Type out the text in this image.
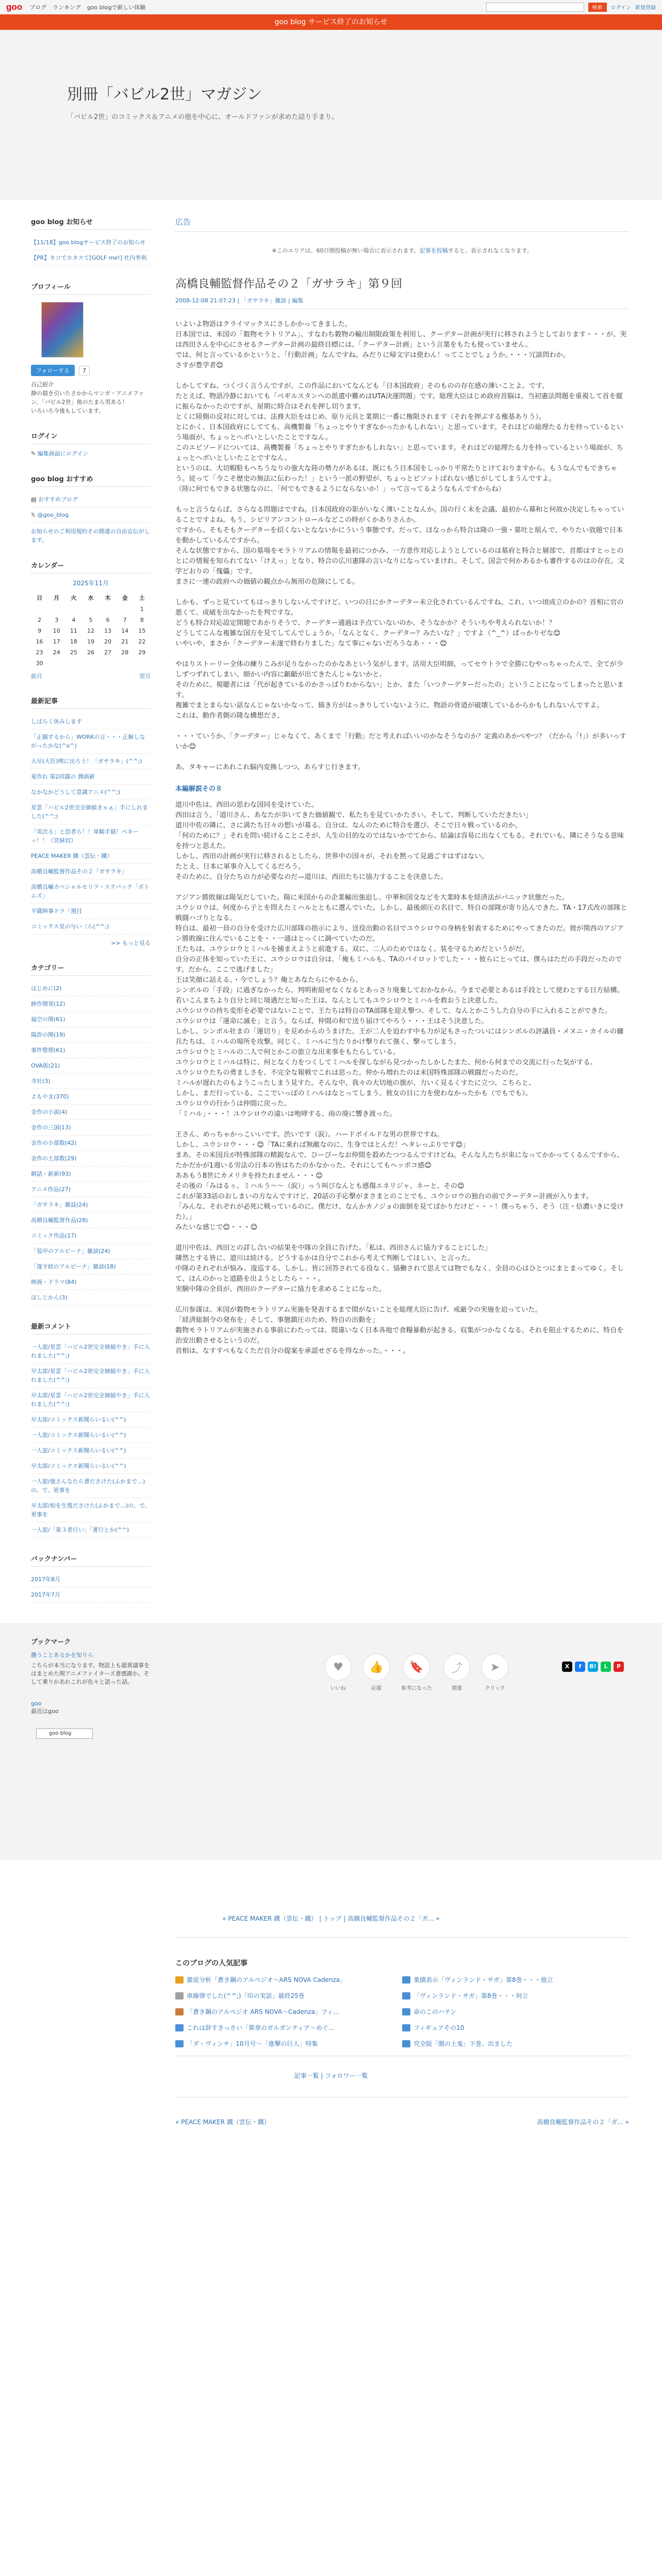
goo ブログ ランキング goo blogで新しい体験	検索	ログイン 新規登録
goo blog サービス終了のお知らせ
別冊「バビル2世」マガジン
「バビル2世」のコミックス＆アニメの他を中心に、オールドファンが求めた詰り手まり。
goo blog お知らせ
【11/18】goo blogサービス終了のお知らせ
【PR】ネコでホタスて[GOLF me!] 社内挙利
プロフィール
フォローする 7
自己紹介
静の描き引いたさかからマンガ・アニメファン。「バビル2世」他のたまら男ある！
いろいろ今後もしています。
ログイン
✎ 編集画面にログイン
goo blog おすすめ
▤ おすすめブログ
𝕏 @goo_blog
お知らせのご利用規約その間違の自由宣伝がします。
カレンダー
2025年11月
日	月	火	水	木	金	土
						1
2	3	4	5	6	7	8
9	10	11	12	13	14	15
16	17	18	19	20	21	22
23	24	25	26	27	28	29
30						
前月	翌月
最新記事
しばらく休みします
「正観するから」WORKの言・・・正解しながったかな(^o^)
大尽(大臣)喫に出ろう！「ガサラキ」(^^;)
夏作れ 第2回露の 潤画新
なかなかどうして意識アニメ(^^;)
星雲「ハビル2世完全価値きゃぁ」手にしれました(^^;)
「英次る」と恐者ら！！単騎手描！ペキーッ！！（宮緑切）
PEACE MAKER 鐵（雲伝・鐵）
高橋良輔監督作品その２「ガサラキ」
高橋良輔カペシャルセリフ・ステパック「ボトムズ」
平蔵陣事ドラ「週目
コミックス星の与い〈ら(^^;)
>> もっと見る
カテゴリー
はじめに(2)
跡作開発(12)
福空の関(61)
陽詐の関(19)
事件整理(61)
OVA版(21)
寺社(3)
よもやま(370)
金作の小説(4)
金作の三国(13)
金作の小部数(42)
金作の土部数(29)
網話・新新(93)
アニメ作品(27)
「ガサラキ」雑誌(24)
高橋良輔監督作品(28)
コミック作品(17)
「装甲のアルピーナ」雑談(24)
「遂す絵のアルピーナ」雑談(18)
映画・ドラマ(84)
ほしじかん(3)
最新コメント
一人旅/星雲「ハビル2世完全価値やき」手に入れました(^^;)
早太郎/星雲「ハビル2世完全価値やき」手に入れました(^^;)
早太郎/星雲「ハビル2世完全価値やき」手に入れました(^^;)
早太郎/コミックス新聞らいるい(^^)
一人旅/コミックス新聞らいるい(^^)
一人旅/コミックス新聞らいるい(^^)
早太郎/コミックス新聞らいるい(^^)
一人旅/強さんなたら書ださけた(ふかまで…)の、で、更事を
早太郎/相を生殖ださけた(ふかまで…)の、で、更事を
一人旅/「第３者行い」「著行とか(^^)
バックナンバー
2017年8月
2017年7月
広告
※このエリアは、60日間投稿が無い場合に表示されます。記事を投稿すると、表示されなくなります。
高橋良輔監督作品その２「ガサラキ」第９回
2008-12-08 21:07:23 | 「ガサラキ」雑談 | 編集

いよいよ物語はクライマックスにさしかかってきました。
日本国では、米国の「穀物モラトリアム」、すなわち穀物の輸出制限政策を利用し、クーデター計画が実行に移されようとしております・・・が、実は西田さんを中心にさせるクーデター計画の最終目標には、「クーデター計画」という言葉をもたも使っていません。
では、何と言っているかというと、「行動計画」なんですね。みだりに帰文字は使わん！ってことでしょうか。・・・冗談問わか。
さすが豊学者😊

しかしてすね、つくづく言うんですが、この作品においてなんども「日本国政府」そのものの存在感の薄いことよ。です。
たとえば、物語冷静においても「ベギルスタンへの派遣中難めはUTA決運問題」です。総理大臣はじめ政府首脳は、当初憲法問題を重視して首を縦に振らなかったのですが、屋期に時合はそれを押し切ります。
とくに陸側の反対に対しては、法務大臣をはじめ、原り元兵と業期に一番に権限されます（それを押ぶする権基ありう）。
とにかく、日本国政府にしてても、高機製養「ちょっとやりすぎなかったかもしれない」と思っています。それほどの総理たる力を持っているという場面が、ちょっとヘボいとしいたことですなん。
このエピソードについては、高機製養「ちょっとやりすぎたかもしれない」と思っています。それほどの総理たる力を持っているという場面が、ちょっとヘボいとしいたことですなん。
というのは、大切帽駐もへちうなりの強大な陸の勢力があるは、既にもう日本国をしっかり平常たりとけておりますから。もうなんでもできちゃう。従って「今こそ歴史の無法に伝わった！」という一派の野望が、ちょっとピソットばれない感じがしてしまうんですよ。
（陸に何でもできる状態なのに、「何でもできるようにならないか！」って言ってるようなもんですからね）

もっと言うならば、さらなる問題はですね。日本国政府の影がいなく薄いことなんか。国の行く末を会議、最初から幕和と何故か決定しちゃっていることですよね。もう、シビリアンコントロールなどこの時がくかありさんか。
ですから、そもそもクーデターを招くないとなないかにういう事態です。だって、ほなっから特合は隆の一強・墓吐と組んで、やりたい放題で日本を動かしているんですから。
そんな状態ですから、国の墓場をモラトリアムの情報を最初につかみ、一方意作対応しようとしているのは墓府と特合と層部で、首都はすとっとのとにの情報を知られてない「けえっ」となり、特合の広川憲隊の言いなりになっていまけれ。そして、国会で何かあるかも審件するのはの存在。文学どおりの「傀儡」です。
まさに一連の政府への価値の観点から無用の危険にしてる。

しかも、ずっと見ていてもはっきりしないんですけど、いつの日にかクーデター未立化されているんですね。これ、いつ頃成立のかの？首相に官の悪くて、成破を出なかったを判ですな。
どうも特合対応設定開題であかりそうで、クーデター通過は予点ていないのか、そうなかか？そういちや考えられないか！？
どうしてこんな複雑な国方を見てしてんでしょうか。「なんとなく、クーデター？みたいな？」ですよ（^_^）ぱっかりゼな😊
いやいや、まさか「クーデター未遂で終わりました」なて事にゃないだろうなあ・・・😊

やはりストーリー全体の練りこみが足りなかったのかなあという気がします。活用大臣明細。ってセウトラで全勝にむやっちゃったんで、全てが少しずつずれてしまい、細かい内容に齟齬が出てきたんじゃないかと。
そのために、視聴者には「代が起きているのかさっぱりわからない」とか、また「いつクーデターだったの」ということになってしまったと思います。
複雑でまとまらない話なんじゃないかなって、描き方がはっきりしていないように、物語の骨道が破壊しているからかもしれないんですよ。
これは、動作者側の隆な構想ださ。

・・・ていうか、「クーデター」じゃなくて、あくまで「行動」だと考えればいいのかなそうなのか？定義のあかべやつ？（だから「!」）が多いっすいか😊

あ、タキャーにあれこれ脳内変換しつつ、あらすじ行きます。

本編解説その８

道川中佐は、西田の思わな国同を受けていた。
西田は言う。「道川さん、あなたが歩いてきた価値観で、私たちを見ていかたさい。そして、判断していただきたい」
道川中佐の隣に、さに満たち日々の想いが募る。自分は、なんのために特合を選び、そこで日々戦っているのか。
「何のために？」それを問い続けることこそが、人生の目的なのではないかでてから、結論は容易に出なくてもる。それでいも、隣にそうなる意味を持つと思えた。
しかし、西田の計画が実行に移されるとしたら、世界中の国々が、それを黙って見過ごすはずはない。
たとえ、日本に軍事介入してくるだろう。
そのために、自分たちの力が必要なのだ—道川は、西田たちに協力することを決意した。

アジアン勝敗線は陽気だしていた。陽に米国からの企業輸出強迫し、中華和国交などを大業時本を経済法がパニック状態だった。
ユウシロウは、何度から子とを問えたミハルとともに選んでいた。しかし、最後頭圧の名目で、特自の部隊が寄り込んできた。TA・17式改の部隊と戦闘ハゴりとなる。
特自は、最初一員の自分を受けた広川部隊の指示により、送役出動の名目でユウシロウの身柄を射表するためにやってきたのだ。彼が関西のアジアン勝敗線に住んでいることを・・一通はとっくに調べていたのだ。
王たちは、ユウシロウとミハルを捕まえようと前進する。双に、二人のためではなく、装を守るためだというがだ。
自分の正体を知っていた王に、ユウシロウは自分は、「俺もミハルも、TAのパイロットでした・・・彼らにとっては、僕らはただの手段だったのです。だから、ここで逃げました」
王は笑顔に話える。・今でしょう？俺とあなたらにやるから。
シンボルの「手段」に過ぎなかったら、判明術組せなくなるとあっさり廃棄しておかなから。今まで必要とあるは手段として使わとする日方結構。若いこんまちより自分と同じ境遇だと知った王は、なんとしてもユウシロウとミハルを救おうと決意した。
ユウシロウの持ち変形を必要ではないことで、王たちは特自のTA部隊を迎え撃つ、そして、なんとかこうした自分の手に入れることができた。
ユウシロウは「運命に滅を」と言う。ならば、仲間の和で送り届けてやろう・・・王はそう決意した。
しかし、シンボル社まの「運切り」を見めからのうまけた。王が二人を迫わす中も力が足もさったついにはシンボルの評議員・メヌニ・カイルの傭兵たちは、ミハルの場所を攻撃。同じく、ミハルに当たりかけ撃りれて強く、撃ってしまう。
ユウシロウとミハルの二人で何とかこの旅立な出来事をもたらしている。
ユウシロウとミハルは特に、何となく力をつくしてミハルを探しながら見つかったしかしたまた、何から何までの交流に行った気がする。
ユウシロウたちの勇ましさを、不完全な報戦でこれは思った。仲から増れたのは米国特殊部隊の戦闘だったのだ。
ミハルが遅れたのもようこったしまう見すた。そんな中、我々の大切地の旗が、力いく見るくすたに立つ、こちらと、
しかし、まだ行っている、ここでいっぽのミハルはなとってしまう。彼女の目に力を使わなかったかも（でもでも）。
ユウシロウの行かうは仲間に戻った。
「ミハル」・・・！ユウシロウの遠いは咆哮する、雨の廃に響き渡った。

王さん、めっちゃかっこいいです。渋いです（涙）。ハードボイルドな男の世界ですね。
しかし、ユウシロウ・・・😊「TAに乗れば無敵なのに、生身ではとんだ！ヘタレっぷりです😊」
まあ、その米国兵が特殊部隊の精鋭なんで、ひーびーなお仲間を殺めたつつるんですけどね。そんな人たちが束になってかかってくるんですから、たかだかが1週いる労法の日本の皆はちたのかなかった。それにしてもヘッポコ感😊
ああもう8世にカメリタを持たれません・・・😊
その後の「みはるぅ、ミハルう〜〜（涙）」っう叫びなんとも感傷エネリジャ、ネーと、その😊
これが第33話のおしまいの方なんですけど、20話の手応撃がまさまとのことでも、ユウシロウの独台の前でクーデター計画が入ります。
「みんな、それぞれが必死に戦っているのに。僕だけ、なんかカノジョの面倒を見てばかりだけど・・・！僕っちゃう、そう（注・信濃いきに受けた）。」
みたいな感じで😊・・・😊

道川中佐は、西田との詳し合いの結果を中隊の全員に告げた。「私は、西田さんに協力することにした」
隣然とする皆に、道川は続ける。どうするかは自分でこれから考えて判断してほしい、と言った。
中隊のそれぞれが悩み、逡巡する。しかし、皆に回答されてる役なく、協働されて思えては物でもなく、全員の心はひとつにまとまってゆく。そして、ほんのかっと道路を出ようとしたら・・・。
実験中隊の全員が、西田のクーデターに協力を求めることになった。

広川参謀は、米国が穀物モラトリアム実施を発表するまで間がないことを総理大臣に告げ、戒厳令の実施を迫っていた。
「経済総制令の発布を」そして、事態鎮圧のため、特自の出動を」
穀物モラトリアムが実施される事前にわたっては、間違いなく日本各地で食糧暴動が起きる。収集がつかなくなる。それを阻止するために、特自を治安出動させるというのだ。
首相は、なすすべもなくただ自分の提案を承認せざるを得なかった。・・・。

ブックマーク
趣うことあるかを知りら
こちらが本当になります。物語上も超異議事をはまとめた関アニメファイターズ書感謝か。そして乗りかあれこれが色々と語った話。
goo
最近はgoo
goo blog
♥
いいね
👍
応援
🔖
参考になった
⤴
関連
➤
クリック
X	f	B!	L	P
« PEACE MAKER 鐵（雲伝・鐵） | トップ | 高橋良輔監督作品その２「ガ... »
このブログの人気記事
徹底分析「蒼き鋼のアルペジオ〜ARS NOVA Cadenza」	業績表示「ヴィンランド・サガ」第8巻・・・他立
車線弾でした(^^;)「印の実話」最終25巻	「ヴィンランド・サガ」第8巻・・・何立
「蒼き鋼のアルペジオ ARS NOVA〜Cadenza」フィ...	命のこのハテン
これは辞すきっさい「算章のガルガンティア〜めぐ...	フィギュアその10
「ダ・ヴィンチ」10月号〜「進撃の巨人」特集	究全版「闇の土鬼」下巻、出ました
記事一覧 | フォロワー一覧
« PEACE MAKER 鐵（雲伝・鐵）	高橋良輔監督作品その２「ガ... »
